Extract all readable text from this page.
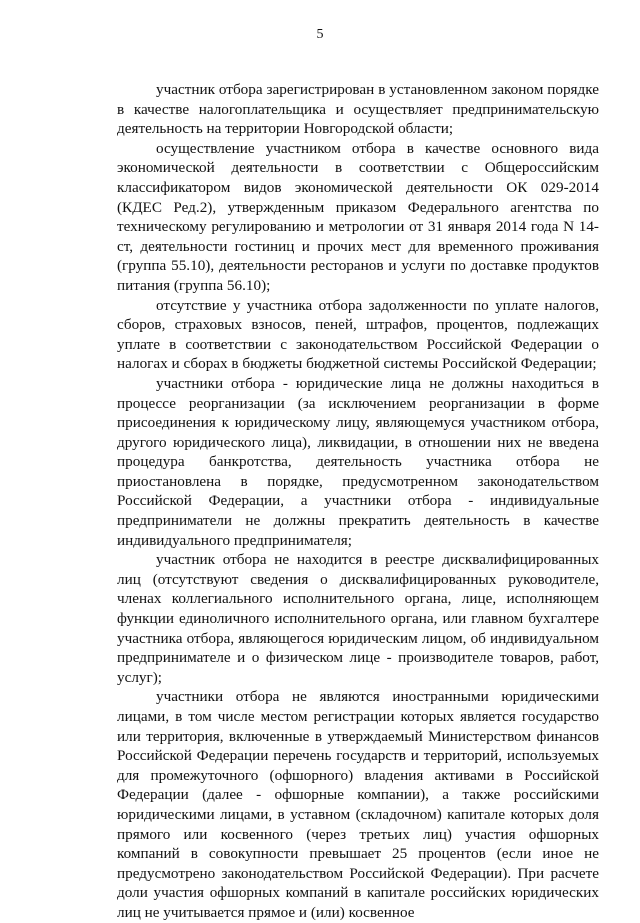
5

участник отбора зарегистрирован в установленном законом порядке в качестве налогоплательщика и осуществляет предпринимательскую деятельность на территории Новгородской области;

осуществление участником отбора в качестве основного вида экономической деятельности в соответствии с Общероссийским классификатором видов экономической деятельности ОК 029-2014 (КДЕС Ред.2), утвержденным приказом Федерального агентства по техническому регулированию и метрологии от 31 января 2014 года N 14-ст, деятельности гостиниц и прочих мест для временного проживания (группа 55.10), деятельности ресторанов и услуги по доставке продуктов питания (группа 56.10);

отсутствие у участника отбора задолженности по уплате налогов, сборов, страховых взносов, пеней, штрафов, процентов, подлежащих уплате в соответствии с законодательством Российской Федерации о налогах и сборах в бюджеты бюджетной системы Российской Федерации;

участники отбора - юридические лица не должны находиться в процессе реорганизации (за исключением реорганизации в форме присоединения к юридическому лицу, являющемуся участником отбора, другого юридического лица), ликвидации, в отношении них не введена процедура банкротства, деятельность участника отбора не приостановлена в порядке, предусмотренном законодательством Российской Федерации, а участники отбора - индивидуальные предприниматели не должны прекратить деятельность в качестве индивидуального предпринимателя;

участник отбора не находится в реестре дисквалифицированных лиц (отсутствуют сведения о дисквалифицированных руководителе, членах коллегиального исполнительного органа, лице, исполняющем функции единоличного исполнительного органа, или главном бухгалтере участника отбора, являющегося юридическим лицом, об индивидуальном предпринимателе и о физическом лице - производителе товаров, работ, услуг);

участники отбора не являются иностранными юридическими лицами, в том числе местом регистрации которых является государство или территория, включенные в утверждаемый Министерством финансов Российской Федерации перечень государств и территорий, используемых для промежуточного (офшорного) владения активами в Российской Федерации (далее - офшорные компании), а также российскими юридическими лицами, в уставном (складочном) капитале которых доля прямого или косвенного (через третьих лиц) участия офшорных компаний в совокупности превышает 25 процентов (если иное не предусмотрено законодательством Российской Федерации). При расчете доли участия офшорных компаний в капитале российских юридических лиц не учитывается прямое и (или) косвенное
